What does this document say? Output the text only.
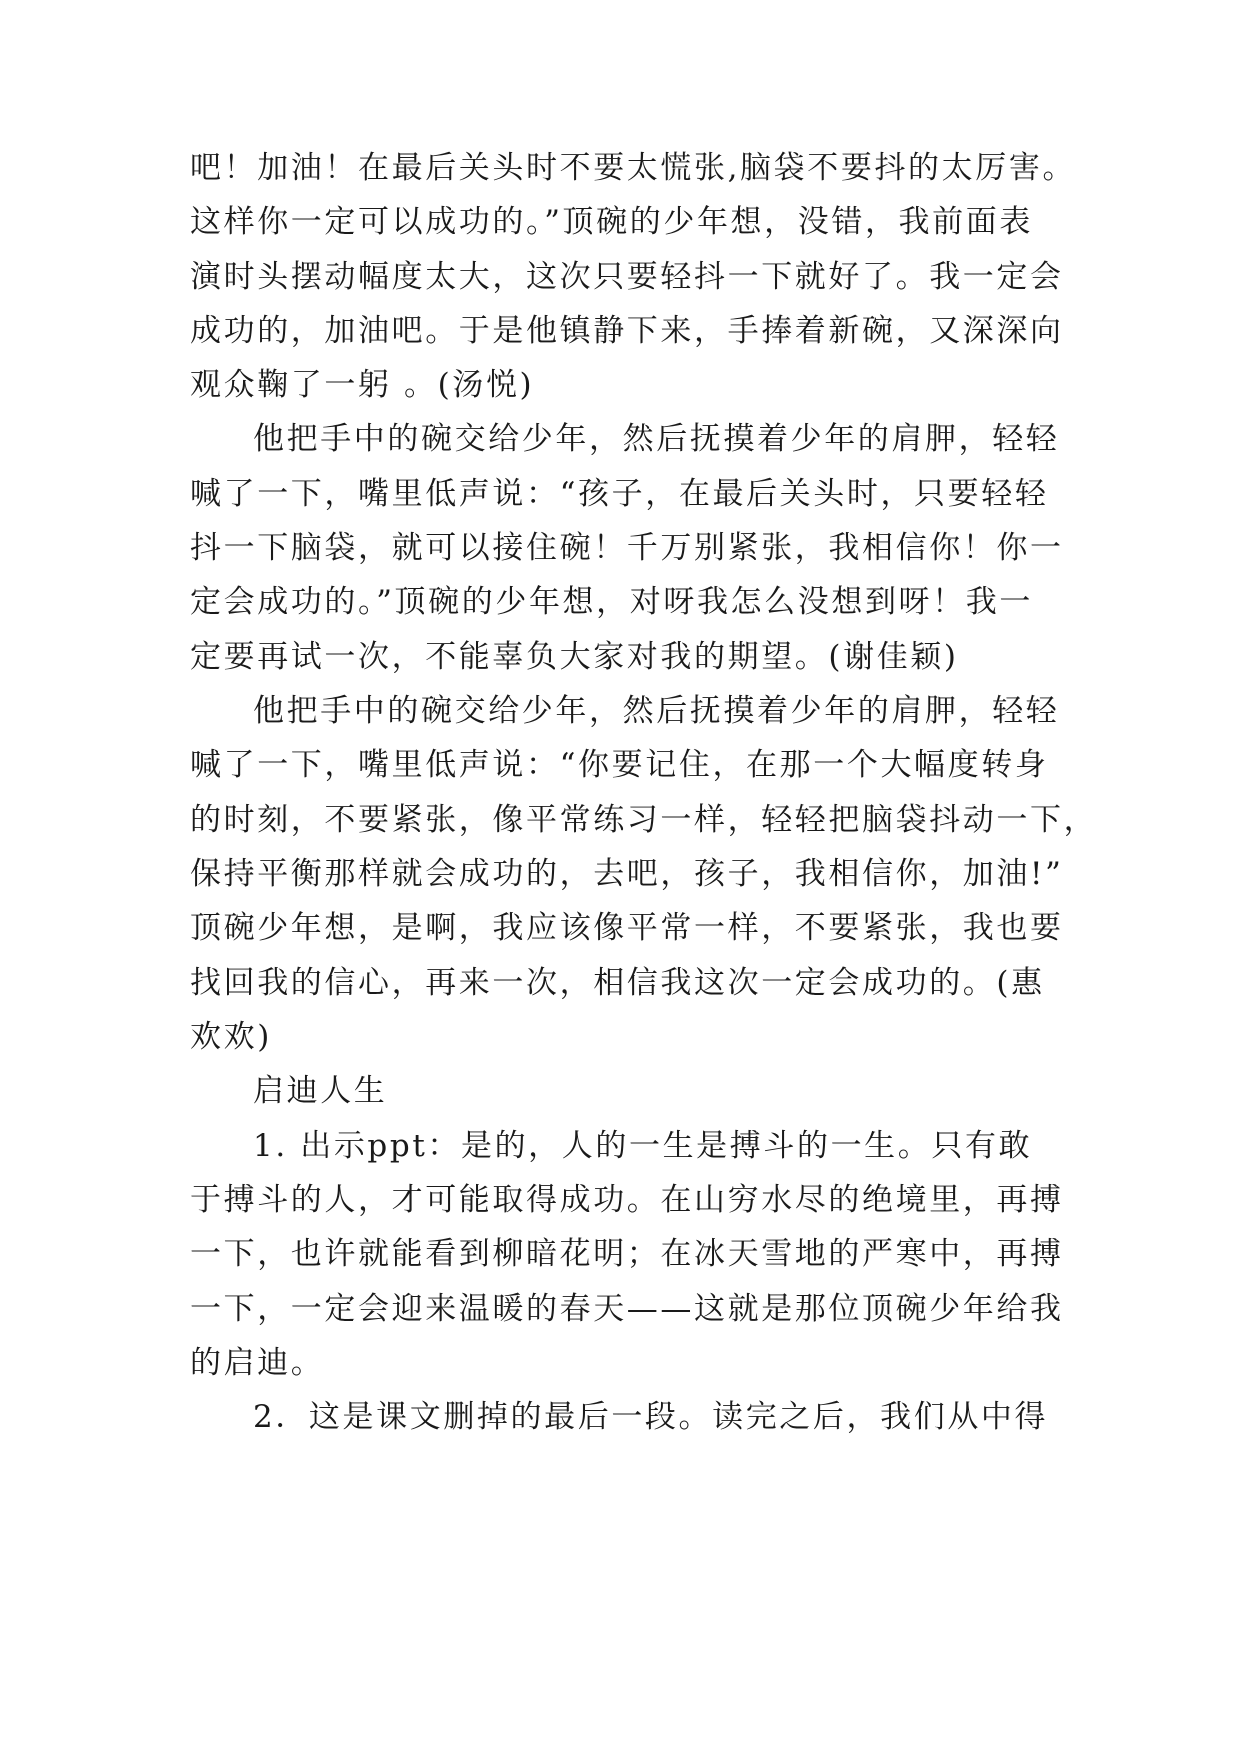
吧！加油！在最后关头时不要太慌张,脑袋不要抖的太厉害。
这样你一定可以成功的。”顶碗的少年想，没错，我前面表
演时头摆动幅度太大，这次只要轻抖一下就好了。我一定会
成功的，加油吧。于是他镇静下来，手捧着新碗，又深深向
观众鞠了一躬 。(汤悦)
他把手中的碗交给少年，然后抚摸着少年的肩胛，轻轻
喊了一下，嘴里低声说：“孩子，在最后关头时，只要轻轻
抖一下脑袋，就可以接住碗！千万别紧张，我相信你！你一
定会成功的。”顶碗的少年想，对呀我怎么没想到呀！我一
定要再试一次，不能辜负大家对我的期望。(谢佳颖)
他把手中的碗交给少年，然后抚摸着少年的肩胛，轻轻
喊了一下，嘴里低声说：“你要记住，在那一个大幅度转身
的时刻，不要紧张，像平常练习一样，轻轻把脑袋抖动一下，
保持平衡那样就会成功的，去吧，孩子，我相信你，加油!”
顶碗少年想，是啊，我应该像平常一样，不要紧张，我也要
找回我的信心，再来一次，相信我这次一定会成功的。(惠
欢欢)
启迪人生
1. 出示ppt：是的，人的一生是搏斗的一生。只有敢
于搏斗的人，才可能取得成功。在山穷水尽的绝境里，再搏
一下，也许就能看到柳暗花明；在冰天雪地的严寒中，再搏
一下，一定会迎来温暖的春天——这就是那位顶碗少年给我
的启迪。
2．这是课文删掉的最后一段。读完之后，我们从中得
